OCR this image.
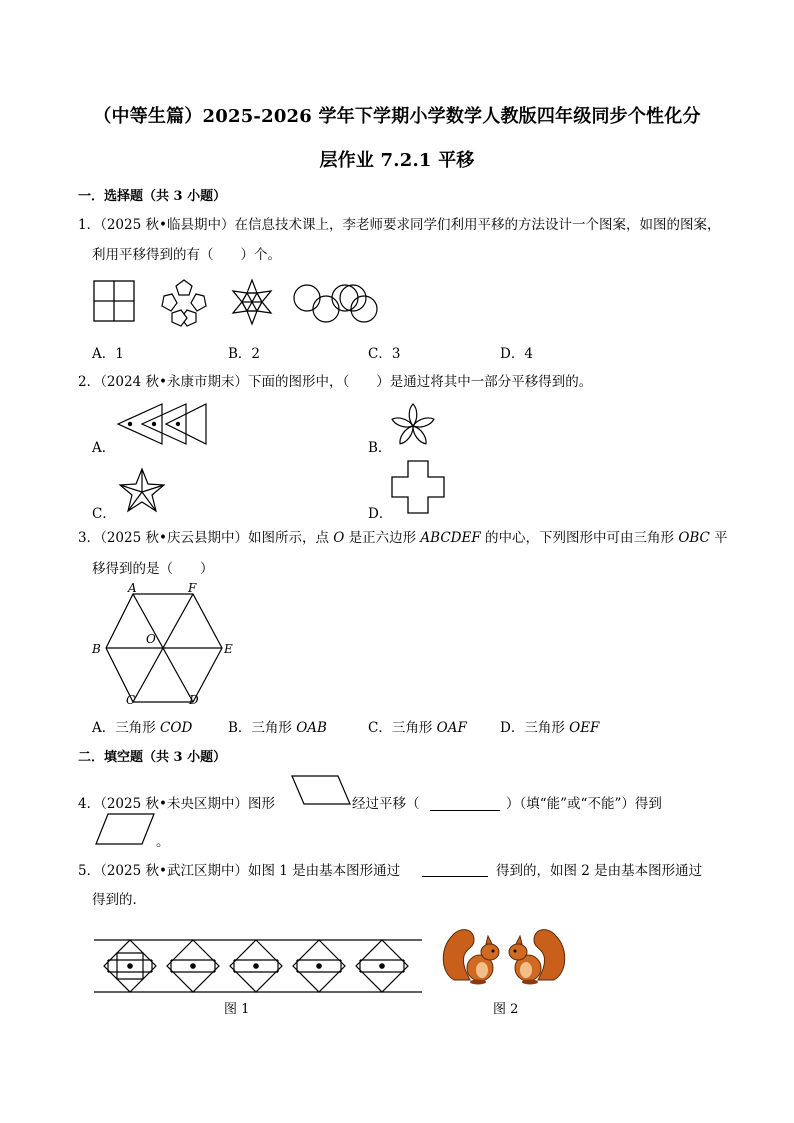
（中等生篇）2025-2026 学年下学期小学数学人教版四年级同步个性化分
层作业 7.2.1 平移
一．选择题（共 3 小题）
1．（2025 秋•临县期中）在信息技术课上，李老师要求同学们利用平移的方法设计一个图案，如图的图案，
利用平移得到的有（　　）个。
A．1	B．2	C．3	D．4
2．（2024 秋•永康市期末）下面的图形中，（　　）是通过将其中一部分平移得到的。
A．	B．
C．	D．
3．（2025 秋•庆云县期中）如图所示，点 O 是正六边形 ABCDEF 的中心，下列图形中可由三角形 OBC 平
移得到的是（　　）
A	F
B	E
C	D
O
A．三角形 COD	B．三角形 OAB	C．三角形 OAF D．三角形 OEF
二．填空题（共 3 小题）
4．（2025 秋•未央区期中）图形	经过平移（	）（填“能”或“不能”）得到
。
5．（2025 秋•武江区期中）如图 1 是由基本图形通过	得到的，如图 2 是由基本图形通过
得到的．
图 1	图 2
